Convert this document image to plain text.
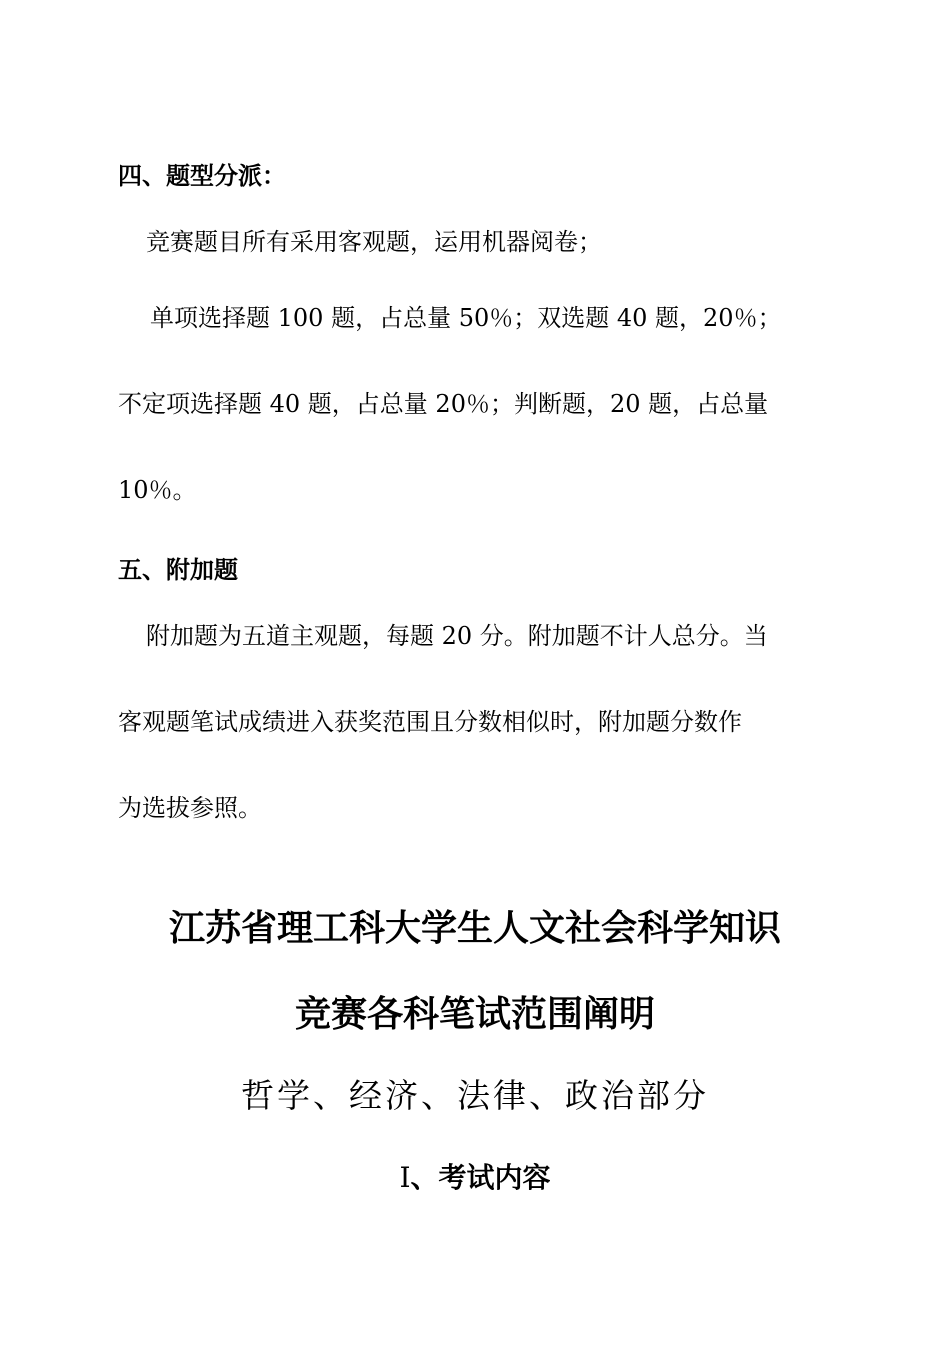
四、题型分派：
竞赛题目所有采用客观题，运用机器阅卷；
单项选择题 100 题，占总量 50％；双选题 40 题，20％；
不定项选择题 40 题，占总量 20％；判断题，20 题，占总量
10％。
五、附加题
附加题为五道主观题，每题 20 分。附加题不计人总分。当
客观题笔试成绩进入获奖范围且分数相似时，附加题分数作
为选拔参照。
江苏省理工科大学生人文社会科学知识
竞赛各科笔试范围阐明
哲学、经济、法律、政治部分
Ⅰ、考试内容
